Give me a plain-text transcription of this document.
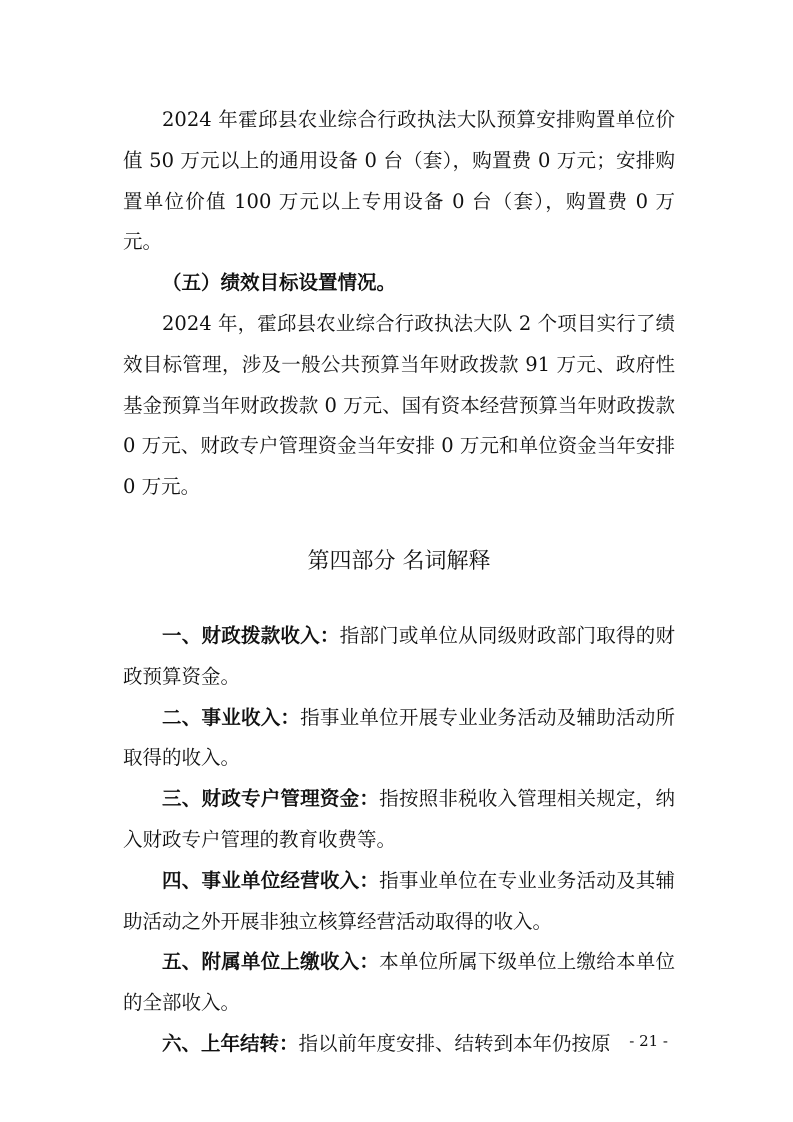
2024 年霍邱县农业综合行政执法大队预算安排购置单位价值 50 万元以上的通用设备 0 台（套），购置费 0 万元；安排购置单位价值 100 万元以上专用设备 0 台（套），购置费 0 万元。

（五）绩效目标设置情况。

2024 年，霍邱县农业综合行政执法大队 2 个项目实行了绩效目标管理，涉及一般公共预算当年财政拨款 91 万元、政府性基金预算当年财政拨款 0 万元、国有资本经营预算当年财政拨款 0 万元、财政专户管理资金当年安排 0 万元和单位资金当年安排 0 万元。

第四部分 名词解释

一、财政拨款收入：指部门或单位从同级财政部门取得的财政预算资金。

二、事业收入：指事业单位开展专业业务活动及辅助活动所取得的收入。

三、财政专户管理资金：指按照非税收入管理相关规定，纳入财政专户管理的教育收费等。

四、事业单位经营收入：指事业单位在专业业务活动及其辅助活动之外开展非独立核算经营活动取得的收入。

五、附属单位上缴收入：本单位所属下级单位上缴给本单位的全部收入。

六、上年结转：指以前年度安排、结转到本年仍按原	- 21 -
